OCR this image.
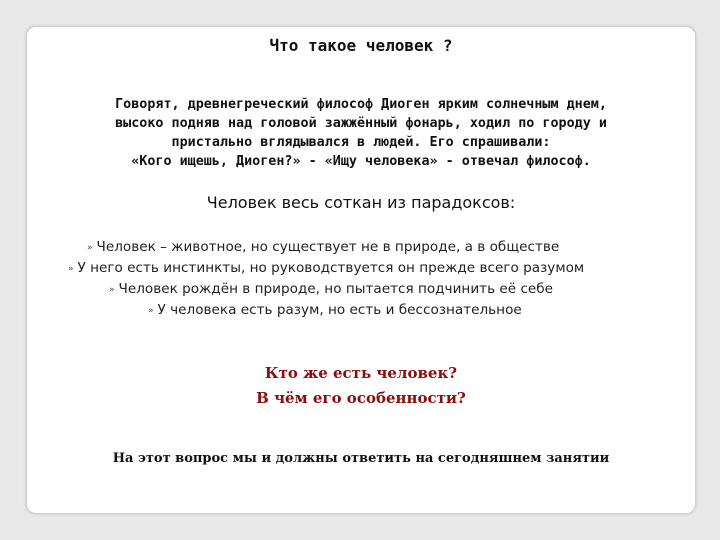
Что такое человек ?
Говорят, древнегреческий философ Диоген ярким солнечным днем,
высоко подняв над головой зажжённый фонарь, ходил по городу и
пристально вглядывался в людей. Его спрашивали:
«Кого ищешь, Диоген?» - «Ищу человека» - отвечал философ.
Человек весь соткан из парадоксов:
» Человек – животное, но существует не в природе, а в обществе
» У него есть инстинкты, но руководствуется он прежде всего разумом
» Человек рождён в природе, но пытается подчинить её себе
» У человека есть разум, но есть и бессознательное
Кто же есть человек?
В чём его особенности?
На этот вопрос мы и должны ответить на сегодняшнем занятии
